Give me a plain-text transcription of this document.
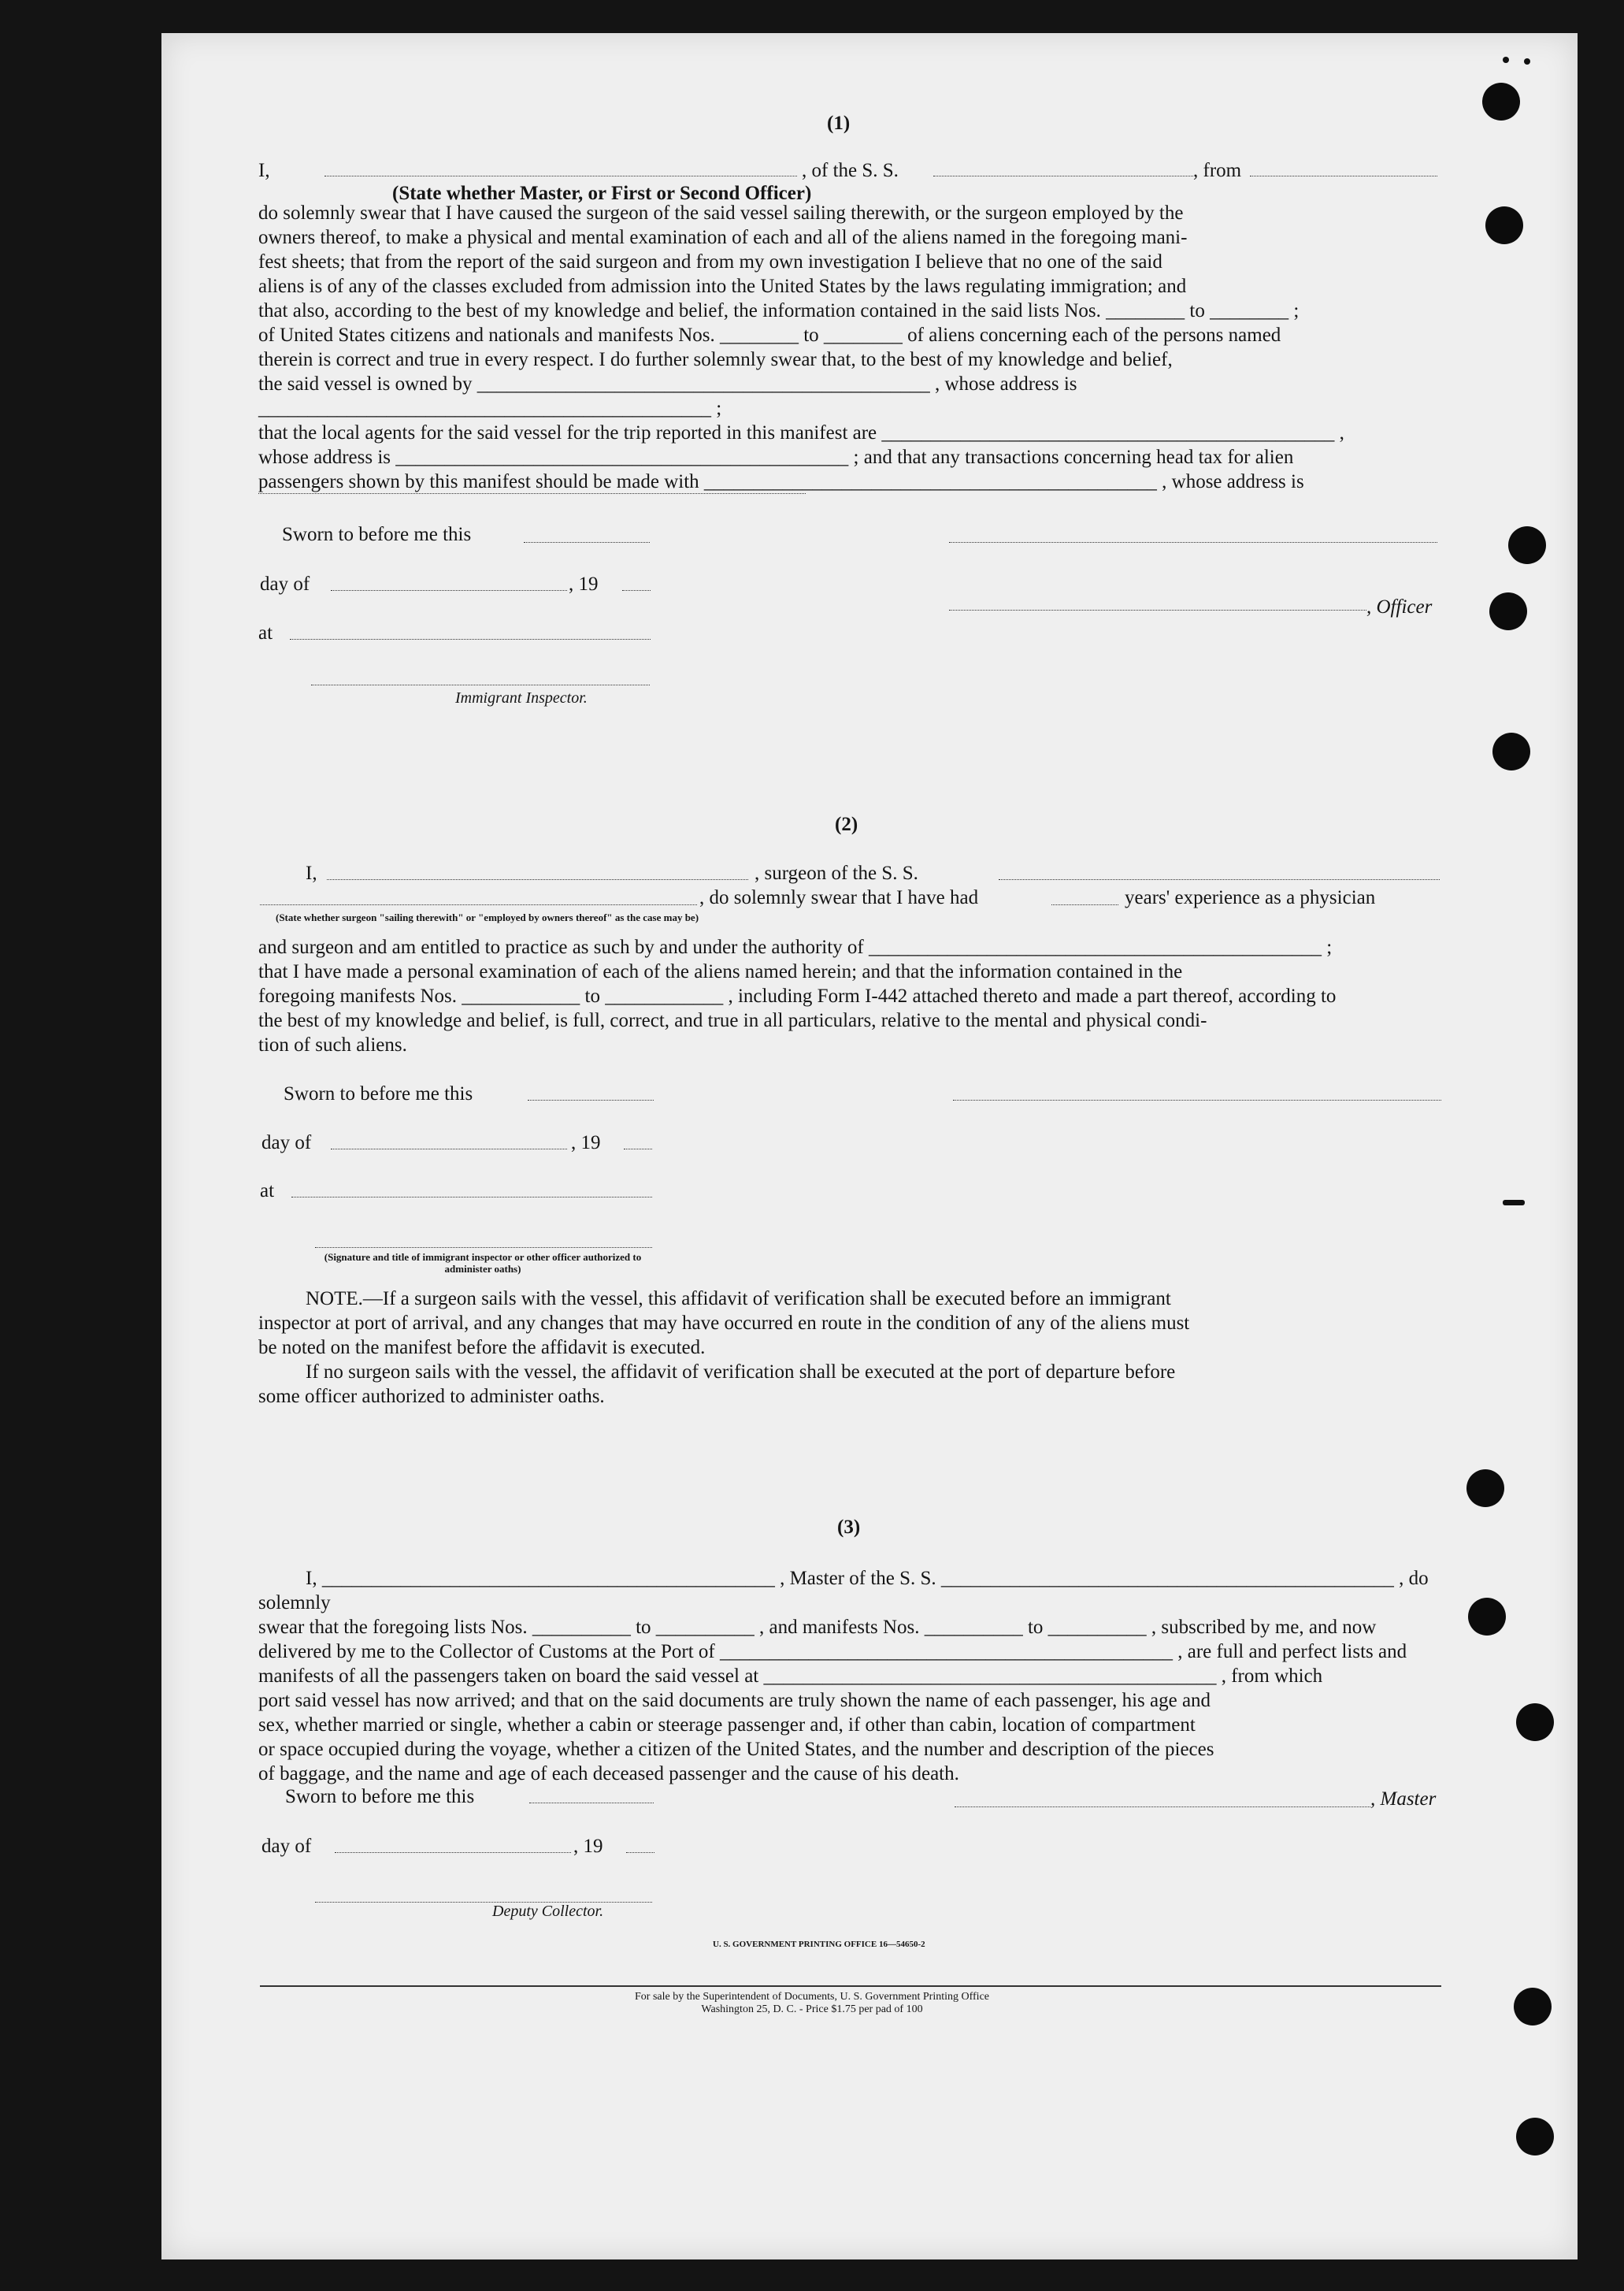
(1)
I,
(State whether Master, or First or Second Officer)
, of the S. S.	, from

do solemnly swear that I have caused the surgeon of the said vessel sailing therewith, or the surgeon employed by the

owners thereof, to make a physical and mental examination of each and all of the aliens named in the foregoing mani-

fest sheets; that from the report of the said surgeon and from my own investigation I believe that no one of the said

aliens is of any of the classes excluded from admission into the United States by the laws regulating immigration; and

that also, according to the best of my knowledge and belief, the information contained in the said lists Nos. ________ to ________ ;

of United States citizens and nationals and manifests Nos. ________ to ________ of aliens concerning each of the persons named

therein is correct and true in every respect. I do further solemnly swear that, to the best of my knowledge and belief,

the said vessel is owned by ______________________________________________ , whose address is ______________________________________________ ;

that the local agents for the said vessel for the trip reported in this manifest are ______________________________________________ ,

whose address is ______________________________________________ ; and that any transactions concerning head tax for alien

passengers shown by this manifest should be made with ______________________________________________ , whose address is

Sworn to before me this
day of	, 19
, Officer
at
Immigrant Inspector.
(2)
I,	, surgeon of the S. S.
, do solemnly swear that I have had	years' experience as a physician
(State whether surgeon "sailing therewith" or "employed by owners thereof" as the case may be)

and surgeon and am entitled to practice as such by and under the authority of ______________________________________________ ;

that I have made a personal examination of each of the aliens named herein; and that the information contained in the

foregoing manifests Nos. ____________ to ____________ , including Form I-442 attached thereto and made a part thereof, according to

the best of my knowledge and belief, is full, correct, and true in all particulars, relative to the mental and physical condi-

tion of such aliens.

Sworn to before me this
day of	, 19
at
(Signature and title of immigrant inspector or other officer authorized to administer oaths)

NOTE.—If a surgeon sails with the vessel, this affidavit of verification shall be executed before an immigrant

inspector at port of arrival, and any changes that may have occurred en route in the condition of any of the aliens must

be noted on the manifest before the affidavit is executed.

If no surgeon sails with the vessel, the affidavit of verification shall be executed at the port of departure before

some officer authorized to administer oaths.

(3)

I, ______________________________________________ , Master of the S. S. ______________________________________________ , do solemnly

swear that the foregoing lists Nos. __________ to __________ , and manifests Nos. __________ to __________ , subscribed by me, and now

delivered by me to the Collector of Customs at the Port of ______________________________________________ , are full and perfect lists and

manifests of all the passengers taken on board the said vessel at ______________________________________________ , from which

port said vessel has now arrived; and that on the said documents are truly shown the name of each passenger, his age and

sex, whether married or single, whether a cabin or steerage passenger and, if other than cabin, location of compartment

or space occupied during the voyage, whether a citizen of the United States, and the number and description of the pieces

of baggage, and the name and age of each deceased passenger and the cause of his death.

Sworn to before me this	, Master
day of	, 19
Deputy Collector.
U. S. GOVERNMENT PRINTING OFFICE 16—54650-2
For sale by the Superintendent of Documents, U. S. Government Printing Office
Washington 25, D. C. - Price $1.75 per pad of 100
